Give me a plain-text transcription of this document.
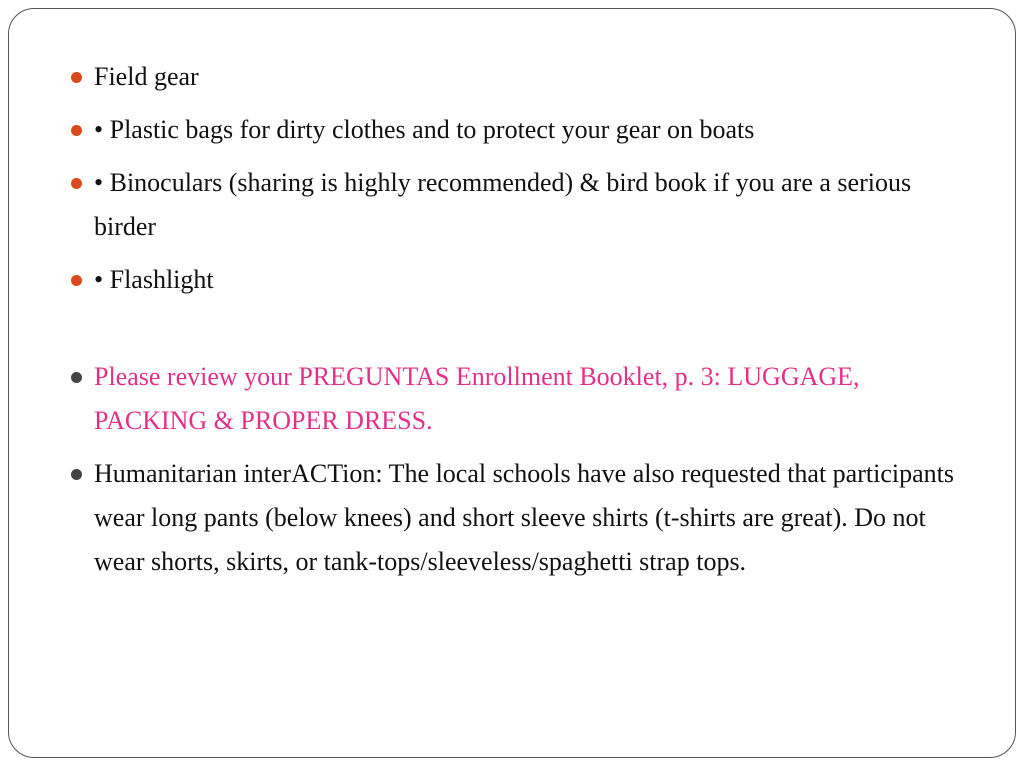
Field gear
• Plastic bags for dirty clothes and to protect your gear on boats
• Binoculars (sharing is highly recommended) & bird book if you are a serious birder
• Flashlight
Please review your PREGUNTAS Enrollment Booklet, p. 3: LUGGAGE, PACKING & PROPER DRESS.
Humanitarian interACTion: The local schools have also requested that participants wear long pants (below knees) and short sleeve shirts (t-shirts are great). Do not wear shorts, skirts, or tank-tops/sleeveless/spaghetti strap tops.
